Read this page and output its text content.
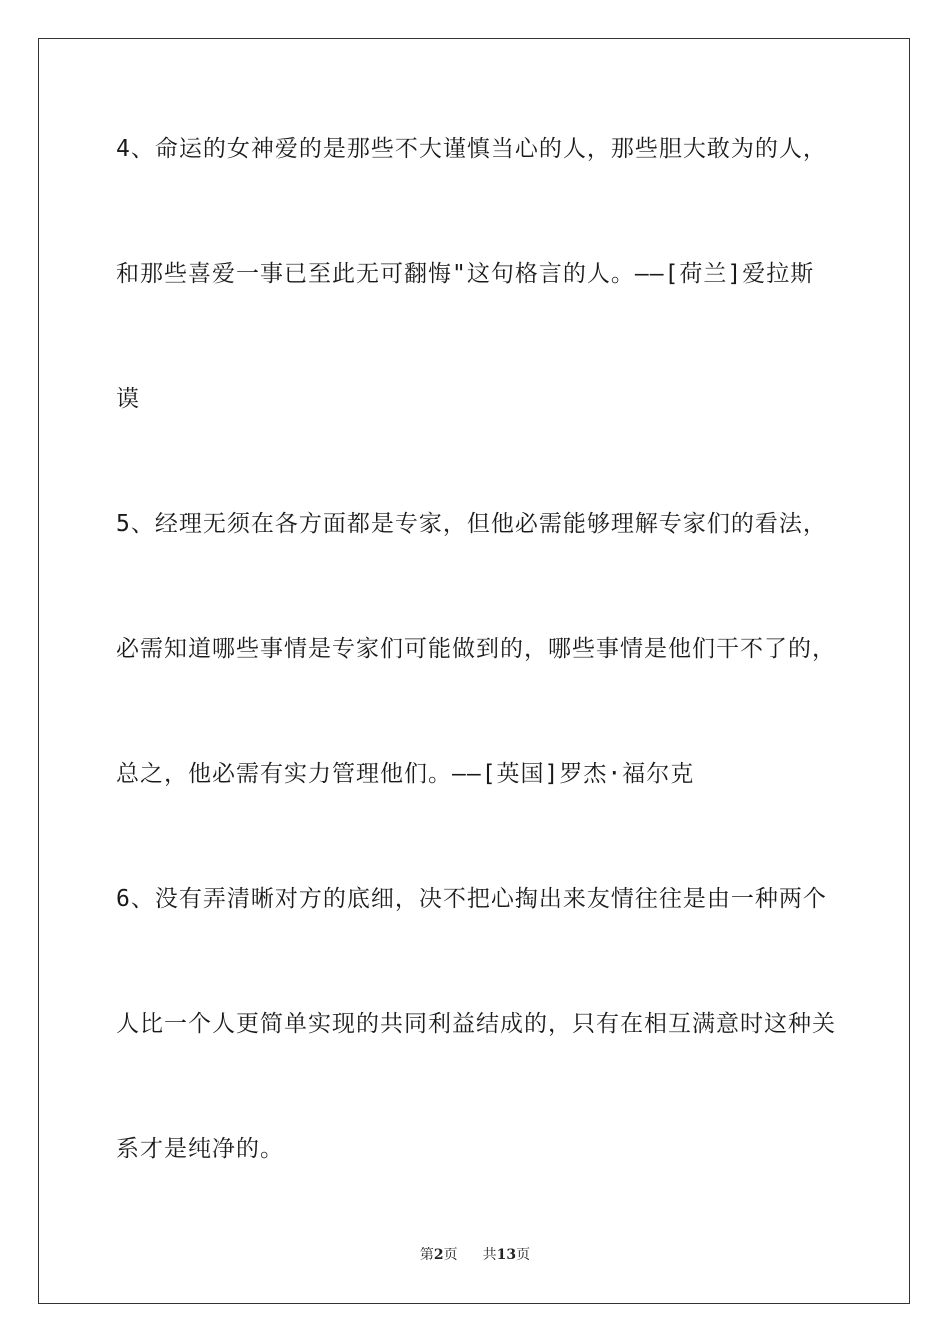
4、命运的女神爱的是那些不大谨慎当心的人，那些胆大敢为的人，
和那些喜爱一事已至此无可翻悔"这句格言的人。——[荷兰]爱拉斯
谟
5、经理无须在各方面都是专家，但他必需能够理解专家们的看法，
必需知道哪些事情是专家们可能做到的，哪些事情是他们干不了的，
总之，他必需有实力管理他们。——[英国]罗杰·福尔克
6、没有弄清晰对方的底细，决不把心掏出来友情往往是由一种两个
人比一个人更简单实现的共同利益结成的，只有在相互满意时这种关
系才是纯净的。
第2页 共13页
